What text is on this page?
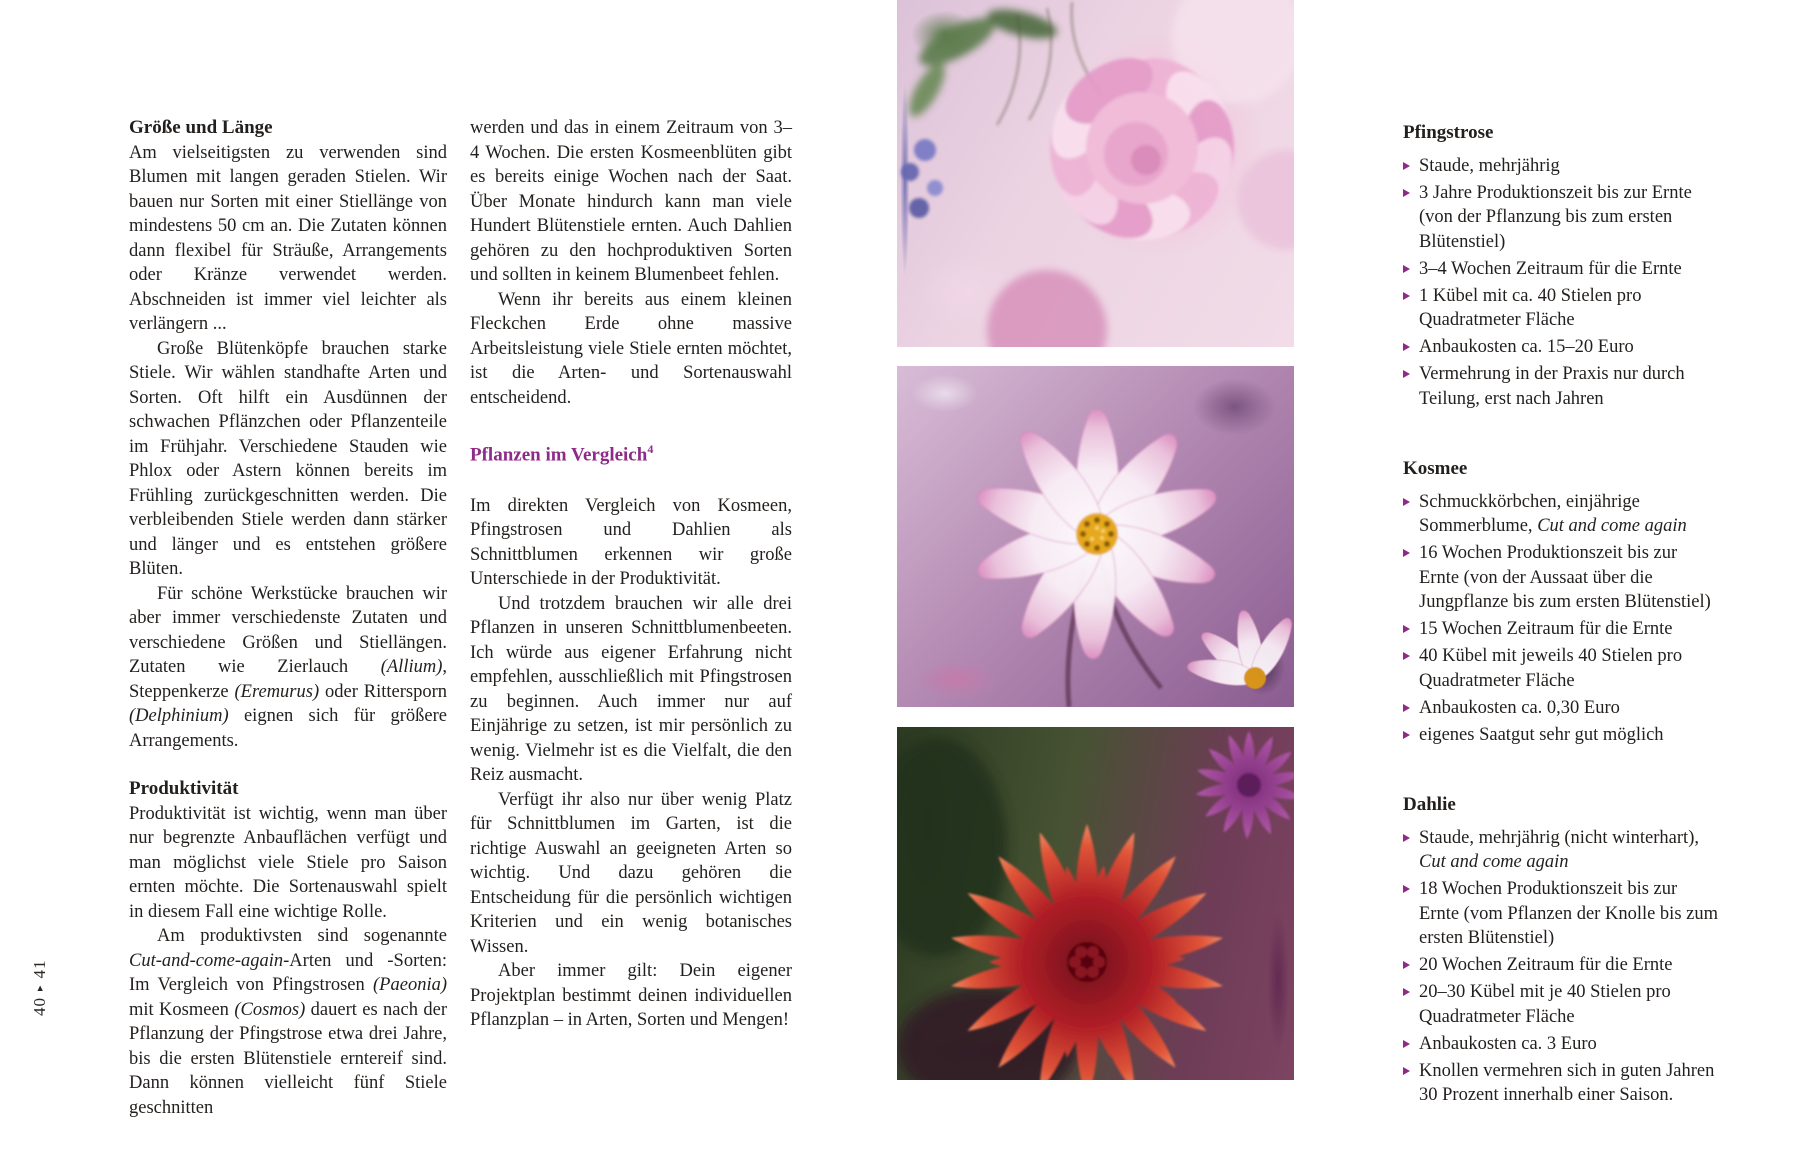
Größe und Länge

Am vielseitigsten zu verwenden sind Blumen mit langen geraden Stielen. Wir bauen nur Sorten mit einer Stiellänge von mindestens 50 cm an. Die Zutaten können dann flexibel für Sträuße, Arrangements oder Kränze verwendet werden. Abschneiden ist immer viel leichter als verlängern ...

Große Blütenköpfe brauchen starke Stiele. Wir wählen standhafte Arten und Sorten. Oft hilft ein Ausdünnen der schwachen Pflänzchen oder Pflanzenteile im Frühjahr. Verschiedene Stauden wie Phlox oder Astern können bereits im Frühling zurückgeschnitten werden. Die verbleibenden Stiele werden dann stärker und länger und es entstehen größere Blüten.

Für schöne Werkstücke brauchen wir aber immer verschiedenste Zutaten und verschiedene Größen und Stiellängen. Zutaten wie Zierlauch (Allium), Steppenkerze (Eremurus) oder Rittersporn (Delphinium) eignen sich für größere Arrangements.

Produktivität

Produktivität ist wichtig, wenn man über nur begrenzte Anbauflächen verfügt und man möglichst viele Stiele pro Saison ernten möchte. Die Sortenauswahl spielt in diesem Fall eine wichtige Rolle.

Am produktivsten sind sogenannte Cut-and-come-again-Arten und -Sorten: Im Vergleich von Pfingstrosen (Paeonia) mit Kosmeen (Cosmos) dauert es nach der Pflanzung der Pfingstrose etwa drei Jahre, bis die ersten Blütenstiele erntereif sind. Dann können vielleicht fünf Stiele geschnitten

werden und das in einem Zeitraum von 3–4 Wochen. Die ersten Kosmeenblüten gibt es bereits einige Wochen nach der Saat. Über Monate hindurch kann man viele Hundert Blütenstiele ernten. Auch Dahlien gehören zu den hochproduktiven Sorten und sollten in keinem Blumenbeet fehlen.

Wenn ihr bereits aus einem kleinen Fleckchen Erde ohne massive Arbeitsleistung viele Stiele ernten möchtet, ist die Arten- und Sortenauswahl entscheidend.

Pflanzen im Vergleich$^4$

Im direkten Vergleich von Kosmeen, Pfingstrosen und Dahlien als Schnittblumen erkennen wir große Unterschiede in der Produktivität.

Und trotzdem brauchen wir alle drei Pflanzen in unseren Schnittblumenbeeten. Ich würde aus eigener Erfahrung nicht empfehlen, ausschließlich mit Pfingstrosen zu beginnen. Auch immer nur auf Einjährige zu setzen, ist mir persönlich zu wenig. Vielmehr ist es die Vielfalt, die den Reiz ausmacht.

Verfügt ihr also nur über wenig Platz für Schnittblumen im Garten, ist die richtige Auswahl an geeigneten Arten so wichtig. Und dazu gehören die Entscheidung für die persönlich wichtigen Kriterien und ein wenig botanisches Wissen.

Aber immer gilt: Dein eigener Projektplan bestimmt deinen individuellen Pflanzplan – in Arten, Sorten und Mengen!

Pfingstrose
Staude, mehrjährig
3 Jahre Produktionszeit bis zur Ernte (von der Pflanzung bis zum ersten Blütenstiel)
3–4 Wochen Zeitraum für die Ernte
1 Kübel mit ca. 40 Stielen pro Quadratmeter Fläche
Anbaukosten ca. 15–20 Euro
Vermehrung in der Praxis nur durch Teilung, erst nach Jahren
Kosmee
Schmuckkörbchen, einjährige Sommerblume, Cut and come again
16 Wochen Produktionszeit bis zur Ernte (von der Aussaat über die Jungpflanze bis zum ersten Blütenstiel)
15 Wochen Zeitraum für die Ernte
40 Kübel mit jeweils 40 Stielen pro Quadratmeter Fläche
Anbaukosten ca. 0,30 Euro
eigenes Saatgut sehr gut möglich
Dahlie
Staude, mehrjährig (nicht winterhart), Cut and come again
18 Wochen Produktionszeit bis zur Ernte (vom Pflanzen der Knolle bis zum ersten Blütenstiel)
20 Wochen Zeitraum für die Ernte
20–30 Kübel mit je 40 Stielen pro Quadratmeter Fläche
Anbaukosten ca. 3 Euro
Knollen vermehren sich in guten Jahren 30 Prozent innerhalb einer Saison.
40▸41
